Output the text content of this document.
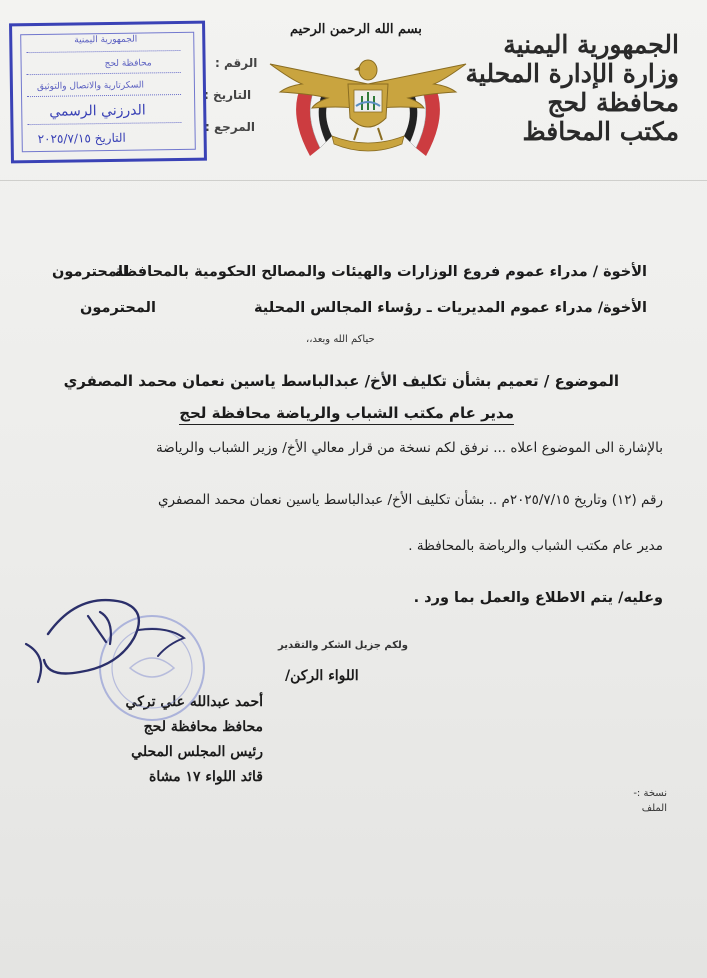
الجمهورية اليمنية
وزارة الإدارة المحلية
محافظة لحج
مكتب المحافظ
بسم الله الرحمن الرحيم
الرقم :
التاريخ :
المرجع :
الجمهورية اليمنية
محافظة لحج
السكرتارية والاتصال والتوثيق
الدرزني الرسمي
التاريخ ٢٠٢٥/٧/١٥
الأخوة / مدراء عموم فروع الوزارات والهيئات والمصالح الحكومية بالمحافظة
المحترمون
الأخوة/ مدراء عموم المديريات ـ رؤساء المجالس المحلية
المحترمون
حياكم الله وبعد،،
الموضوع / تعميم بشأن تكليف الأخ/ عبدالباسط ياسين نعمان محمد المصفري
مدير عام مكتب الشباب والرياضة محافظة لحج
بالإشارة الى الموضوع اعلاه ... نرفق لكم نسخة من قرار معالي الأخ/ وزير الشباب والرياضة
رقم (١٢) وتاريخ ٢٠٢٥/٧/١٥م .. بشأن تكليف الأخ/ عبدالباسط ياسين نعمان محمد المصفري
مدير عام مكتب الشباب والرياضة بالمحافظة .
وعليه/ يتم الاطلاع والعمل بما ورد .
ولكم جزيل الشكر والتقدير
اللواء الركن/
أحمد عبدالله علي تركي
محافظ محافظة لحج
رئيس المجلس المحلي
قائد اللواء ١٧ مشاة
نسخة :-
الملف
